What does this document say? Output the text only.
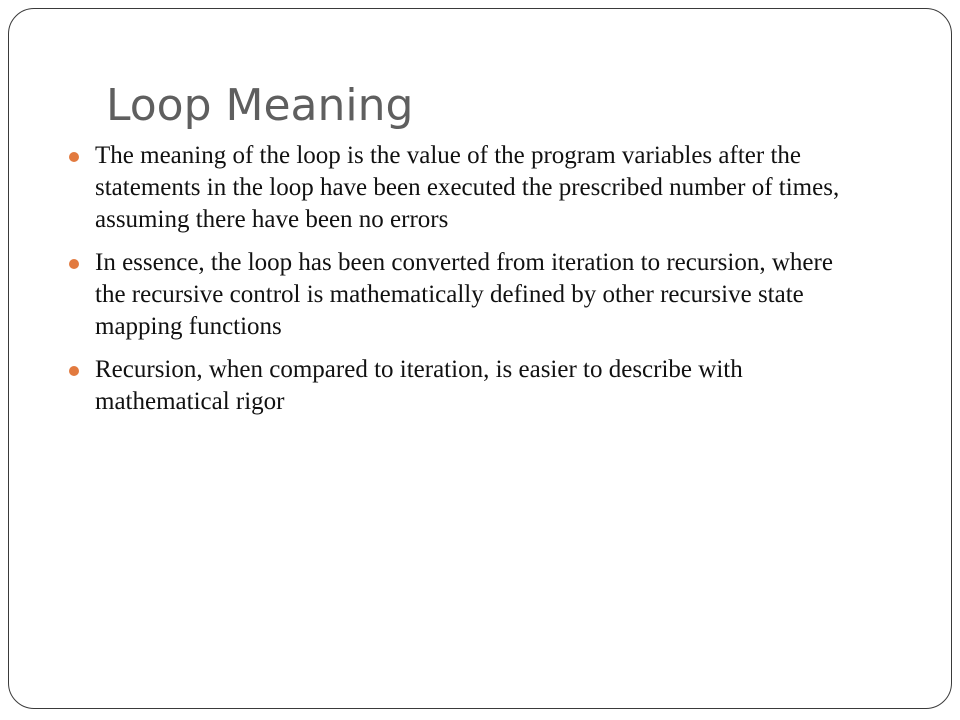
Loop Meaning
The meaning of the loop is the value of the program variables after the statements in the loop have been executed the prescribed number of times, assuming there have been no errors
In essence, the loop has been converted from iteration to recursion, where the recursive control is mathematically defined by other recursive state mapping functions
Recursion, when compared to iteration, is easier to describe with mathematical rigor
